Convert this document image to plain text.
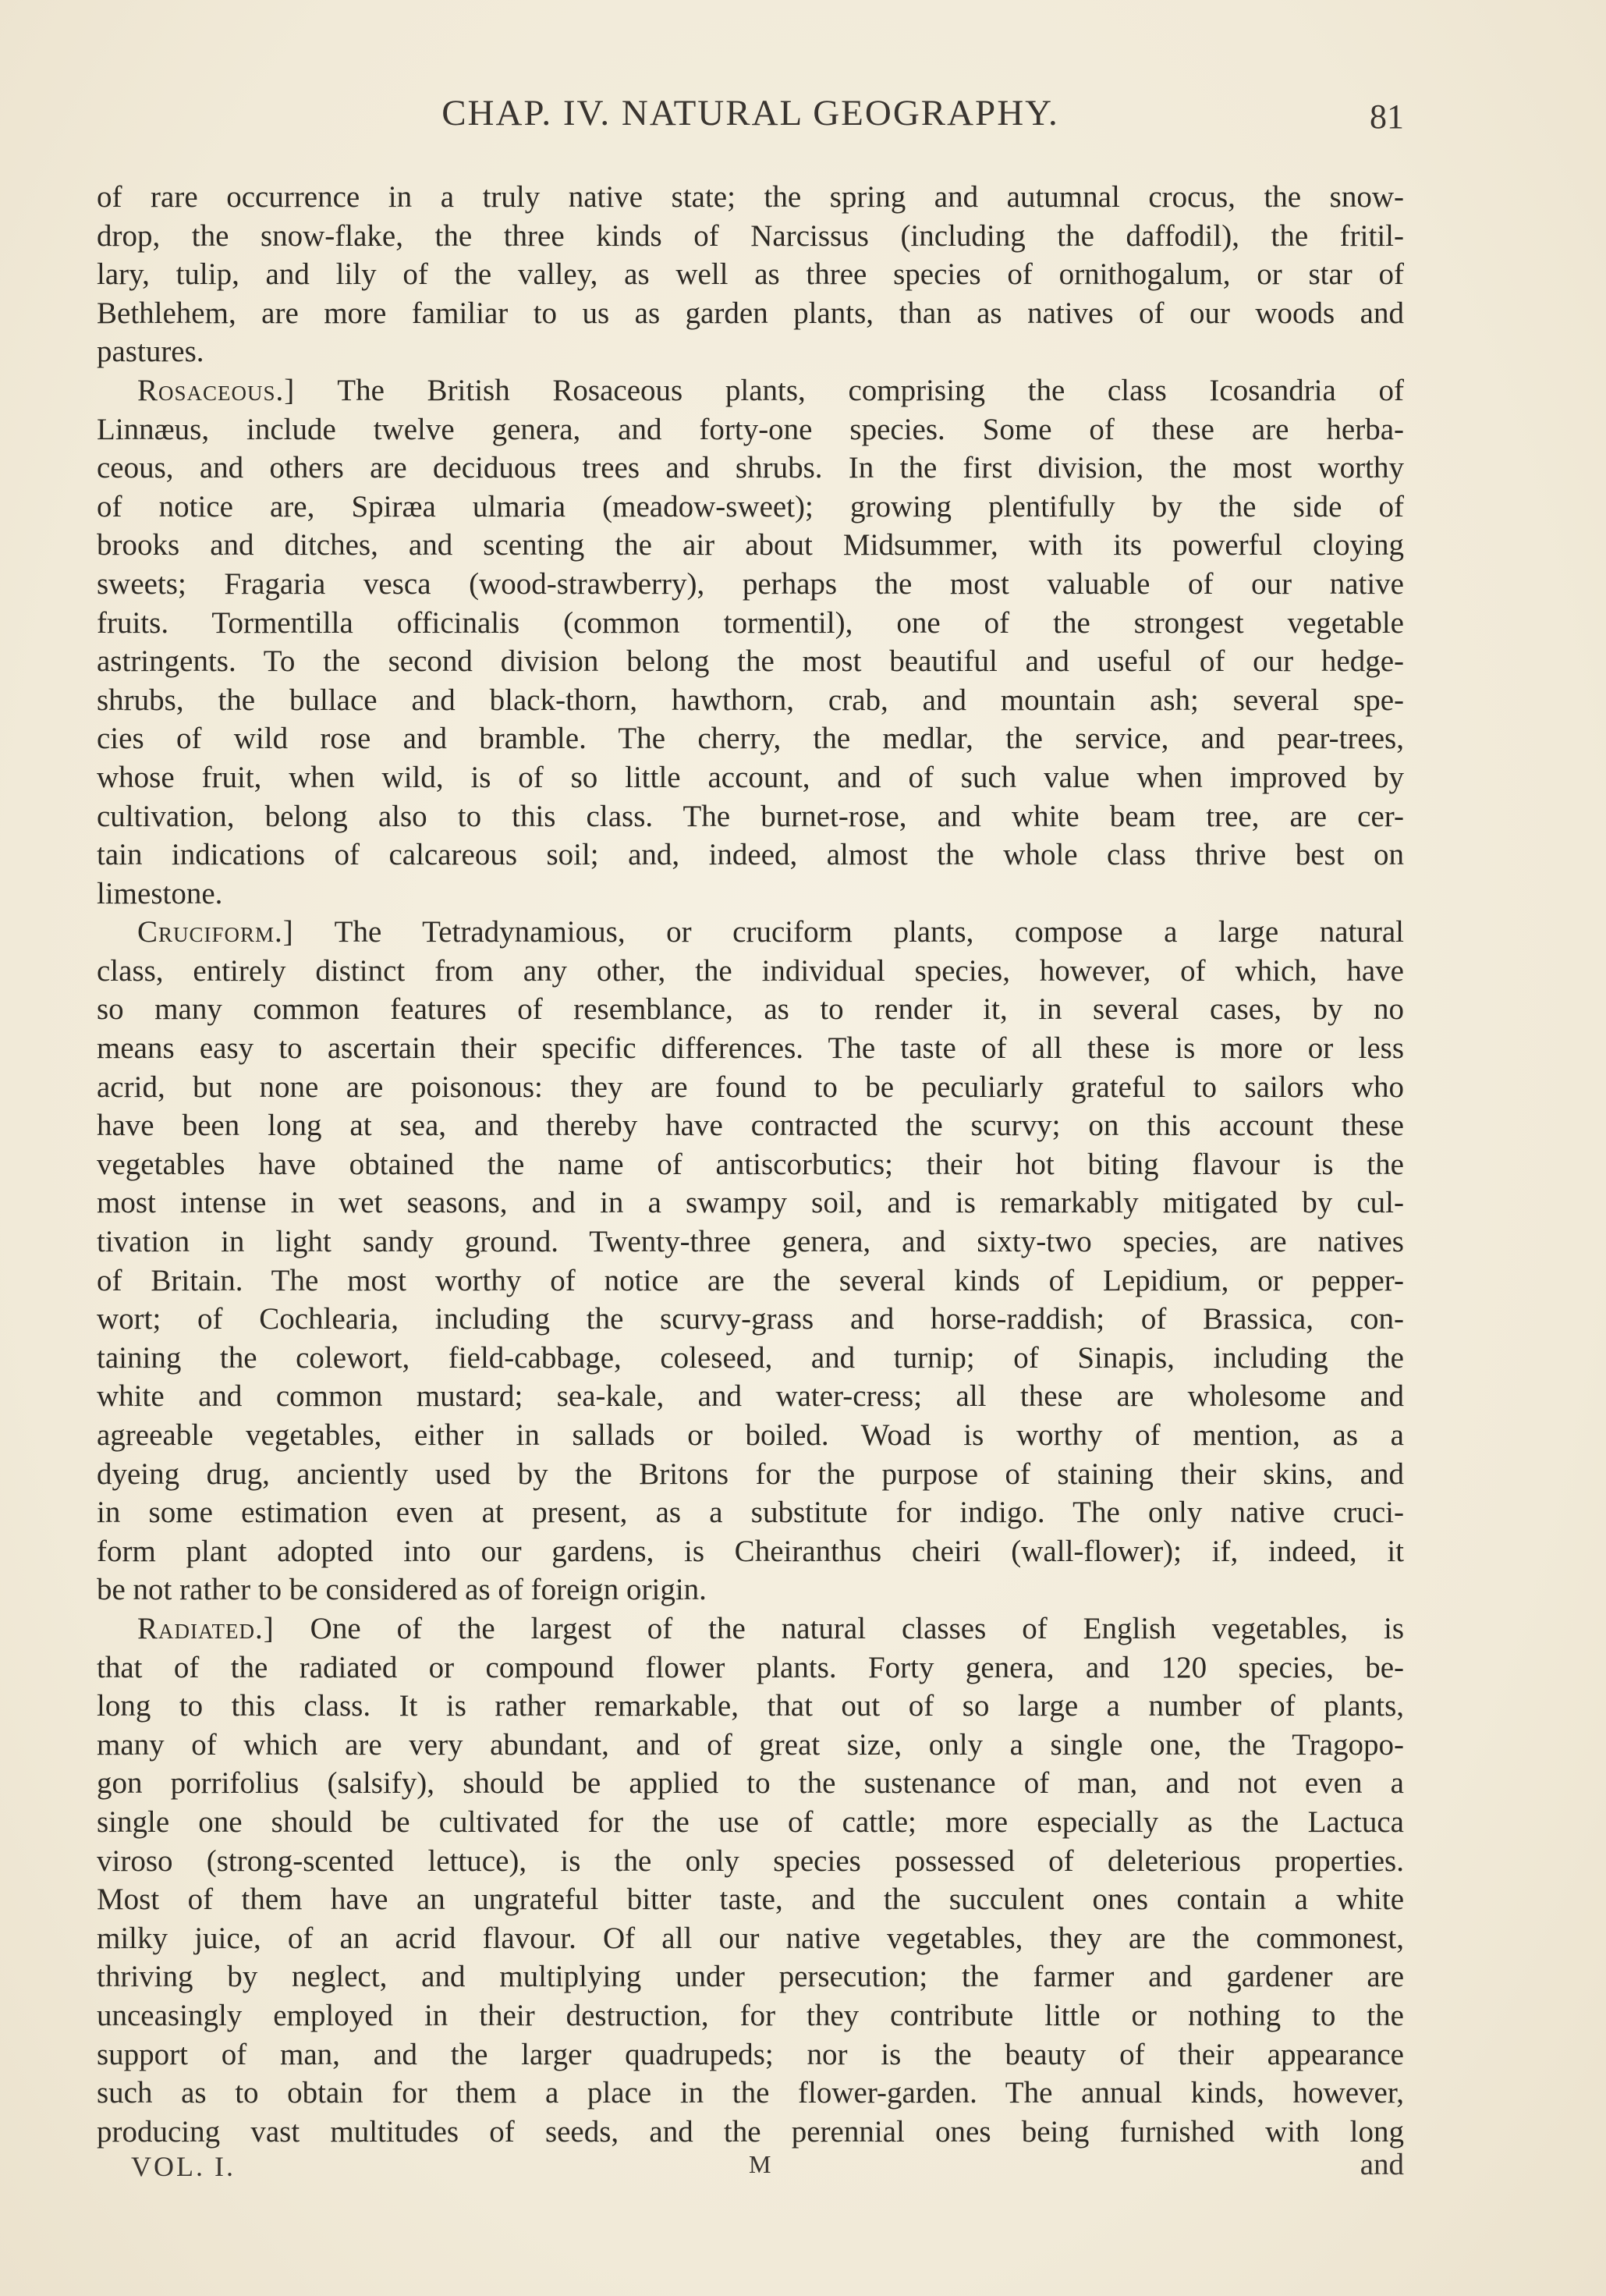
CHAP. IV. NATURAL GEOGRAPHY.	81
of rare occurrence in a truly native state; the spring and autumnal crocus, the snow-
drop, the snow-flake, the three kinds of Narcissus (including the daffodil), the fritil-
lary, tulip, and lily of the valley, as well as three species of ornithogalum, or star of
Bethlehem, are more familiar to us as garden plants, than as natives of our woods and
pastures.
Rosaceous.] The British Rosaceous plants, comprising the class Icosandria of
Linnæus, include twelve genera, and forty-one species. Some of these are herba-
ceous, and others are deciduous trees and shrubs. In the first division, the most worthy
of notice are, Spiræa ulmaria (meadow-sweet); growing plentifully by the side of
brooks and ditches, and scenting the air about Midsummer, with its powerful cloying
sweets; Fragaria vesca (wood-strawberry), perhaps the most valuable of our native
fruits. Tormentilla officinalis (common tormentil), one of the strongest vegetable
astringents. To the second division belong the most beautiful and useful of our hedge-
shrubs, the bullace and black-thorn, hawthorn, crab, and mountain ash; several spe-
cies of wild rose and bramble. The cherry, the medlar, the service, and pear-trees,
whose fruit, when wild, is of so little account, and of such value when improved by
cultivation, belong also to this class. The burnet-rose, and white beam tree, are cer-
tain indications of calcareous soil; and, indeed, almost the whole class thrive best on
limestone.
Cruciform.] The Tetradynamious, or cruciform plants, compose a large natural
class, entirely distinct from any other, the individual species, however, of which, have
so many common features of resemblance, as to render it, in several cases, by no
means easy to ascertain their specific differences. The taste of all these is more or less
acrid, but none are poisonous: they are found to be peculiarly grateful to sailors who
have been long at sea, and thereby have contracted the scurvy; on this account these
vegetables have obtained the name of antiscorbutics; their hot biting flavour is the
most intense in wet seasons, and in a swampy soil, and is remarkably mitigated by cul-
tivation in light sandy ground. Twenty-three genera, and sixty-two species, are natives
of Britain. The most worthy of notice are the several kinds of Lepidium, or pepper-
wort; of Cochlearia, including the scurvy-grass and horse-raddish; of Brassica, con-
taining the colewort, field-cabbage, coleseed, and turnip; of Sinapis, including the
white and common mustard; sea-kale, and water-cress; all these are wholesome and
agreeable vegetables, either in sallads or boiled. Woad is worthy of mention, as a
dyeing drug, anciently used by the Britons for the purpose of staining their skins, and
in some estimation even at present, as a substitute for indigo. The only native cruci-
form plant adopted into our gardens, is Cheiranthus cheiri (wall-flower); if, indeed, it
be not rather to be considered as of foreign origin.
Radiated.] One of the largest of the natural classes of English vegetables, is
that of the radiated or compound flower plants. Forty genera, and 120 species, be-
long to this class. It is rather remarkable, that out of so large a number of plants,
many of which are very abundant, and of great size, only a single one, the Tragopo-
gon porrifolius (salsify), should be applied to the sustenance of man, and not even a
single one should be cultivated for the use of cattle; more especially as the Lactuca
viroso (strong-scented lettuce), is the only species possessed of deleterious properties.
Most of them have an ungrateful bitter taste, and the succulent ones contain a white
milky juice, of an acrid flavour. Of all our native vegetables, they are the commonest,
thriving by neglect, and multiplying under persecution; the farmer and gardener are
unceasingly employed in their destruction, for they contribute little or nothing to the
support of man, and the larger quadrupeds; nor is the beauty of their appearance
such as to obtain for them a place in the flower-garden. The annual kinds, however,
producing vast multitudes of seeds, and the perennial ones being furnished with long
VOL. I.	M	and
